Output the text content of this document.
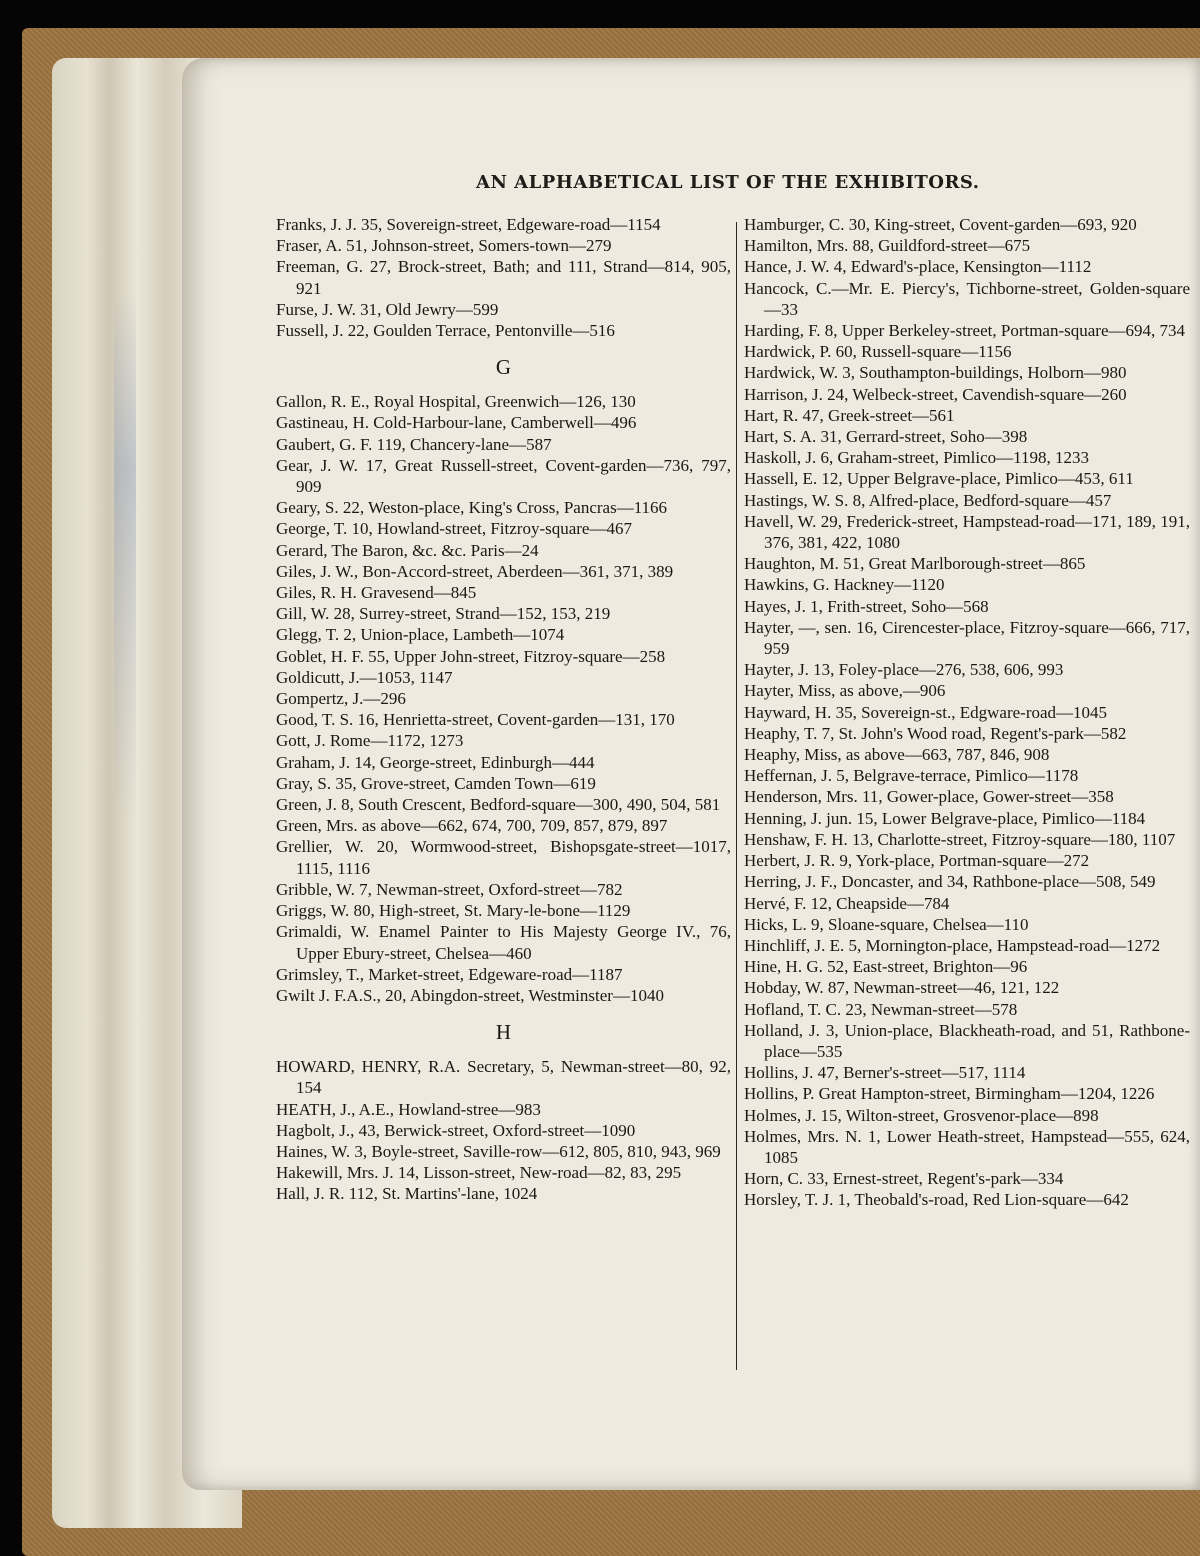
AN ALPHABETICAL LIST OF THE EXHIBITORS.

Franks, J. J. 35, Sovereign-street, Edgeware-road—1154

Fraser, A. 51, Johnson-street, Somers-town—279

Freeman, G. 27, Brock-street, Bath; and 111, Strand—814, 905, 921

Furse, J. W. 31, Old Jewry—599

Fussell, J. 22, Goulden Terrace, Pentonville—516

G

Gallon, R. E., Royal Hospital, Greenwich—126, 130

Gastineau, H. Cold-Harbour-lane, Camberwell—496

Gaubert, G. F. 119, Chancery-lane—587

Gear, J. W. 17, Great Russell-street, Covent-garden—736, 797, 909

Geary, S. 22, Weston-place, King's Cross, Pancras—1166

George, T. 10, Howland-street, Fitzroy-square—467

Gerard, The Baron, &c. &c. Paris—24

Giles, J. W., Bon-Accord-street, Aberdeen—361, 371, 389

Giles, R. H. Gravesend—845

Gill, W. 28, Surrey-street, Strand—152, 153, 219

Glegg, T. 2, Union-place, Lambeth—1074

Goblet, H. F. 55, Upper John-street, Fitzroy-square—258

Goldicutt, J.—1053, 1147

Gompertz, J.—296

Good, T. S. 16, Henrietta-street, Covent-garden—131, 170

Gott, J. Rome—1172, 1273

Graham, J. 14, George-street, Edinburgh—444

Gray, S. 35, Grove-street, Camden Town—619

Green, J. 8, South Crescent, Bedford-square—300, 490, 504, 581

Green, Mrs. as above—662, 674, 700, 709, 857, 879, 897

Grellier, W. 20, Wormwood-street, Bishopsgate-street—1017, 1115, 1116

Gribble, W. 7, Newman-street, Oxford-street—782

Griggs, W. 80, High-street, St. Mary-le-bone—1129

Grimaldi, W. Enamel Painter to His Majesty George IV., 76, Upper Ebury-street, Chelsea—460

Grimsley, T., Market-street, Edgeware-road—1187

Gwilt J. F.A.S., 20, Abingdon-street, Westminster—1040

H

HOWARD, HENRY, R.A. Secretary, 5, Newman-street—80, 92, 154

HEATH, J., A.E., Howland-stree—983

Hagbolt, J., 43, Berwick-street, Oxford-street—1090

Haines, W. 3, Boyle-street, Saville-row—612, 805, 810, 943, 969

Hakewill, Mrs. J. 14, Lisson-street, New-road—82, 83, 295

Hall, J. R. 112, St. Martins'-lane, 1024

Hamburger, C. 30, King-street, Covent-garden—693, 920

Hamilton, Mrs. 88, Guildford-street—675

Hance, J. W. 4, Edward's-place, Kensington—1112

Hancock, C.—Mr. E. Piercy's, Tichborne-street, Golden-square—33

Harding, F. 8, Upper Berkeley-street, Portman-square—694, 734

Hardwick, P. 60, Russell-square—1156

Hardwick, W. 3, Southampton-buildings, Holborn—980

Harrison, J. 24, Welbeck-street, Cavendish-square—260

Hart, R. 47, Greek-street—561

Hart, S. A. 31, Gerrard-street, Soho—398

Haskoll, J. 6, Graham-street, Pimlico—1198, 1233

Hassell, E. 12, Upper Belgrave-place, Pimlico—453, 611

Hastings, W. S. 8, Alfred-place, Bedford-square—457

Havell, W. 29, Frederick-street, Hampstead-road—171, 189, 191, 376, 381, 422, 1080

Haughton, M. 51, Great Marlborough-street—865

Hawkins, G. Hackney—1120

Hayes, J. 1, Frith-street, Soho—568

Hayter, —, sen. 16, Cirencester-place, Fitzroy-square—666, 717, 959

Hayter, J. 13, Foley-place—276, 538, 606, 993

Hayter, Miss, as above,—906

Hayward, H. 35, Sovereign-st., Edgware-road—1045

Heaphy, T. 7, St. John's Wood road, Regent's-park—582

Heaphy, Miss, as above—663, 787, 846, 908

Heffernan, J. 5, Belgrave-terrace, Pimlico—1178

Henderson, Mrs. 11, Gower-place, Gower-street—358

Henning, J. jun. 15, Lower Belgrave-place, Pimlico—1184

Henshaw, F. H. 13, Charlotte-street, Fitzroy-square—180, 1107

Herbert, J. R. 9, York-place, Portman-square—272

Herring, J. F., Doncaster, and 34, Rathbone-place—508, 549

Hervé, F. 12, Cheapside—784

Hicks, L. 9, Sloane-square, Chelsea—110

Hinchliff, J. E. 5, Mornington-place, Hampstead-road—1272

Hine, H. G. 52, East-street, Brighton—96

Hobday, W. 87, Newman-street—46, 121, 122

Hofland, T. C. 23, Newman-street—578

Holland, J. 3, Union-place, Blackheath-road, and 51, Rathbone-place—535

Hollins, J. 47, Berner's-street—517, 1114

Hollins, P. Great Hampton-street, Birmingham—1204, 1226

Holmes, J. 15, Wilton-street, Grosvenor-place—898

Holmes, Mrs. N. 1, Lower Heath-street, Hampstead—555, 624, 1085

Horn, C. 33, Ernest-street, Regent's-park—334

Horsley, T. J. 1, Theobald's-road, Red Lion-square—642
